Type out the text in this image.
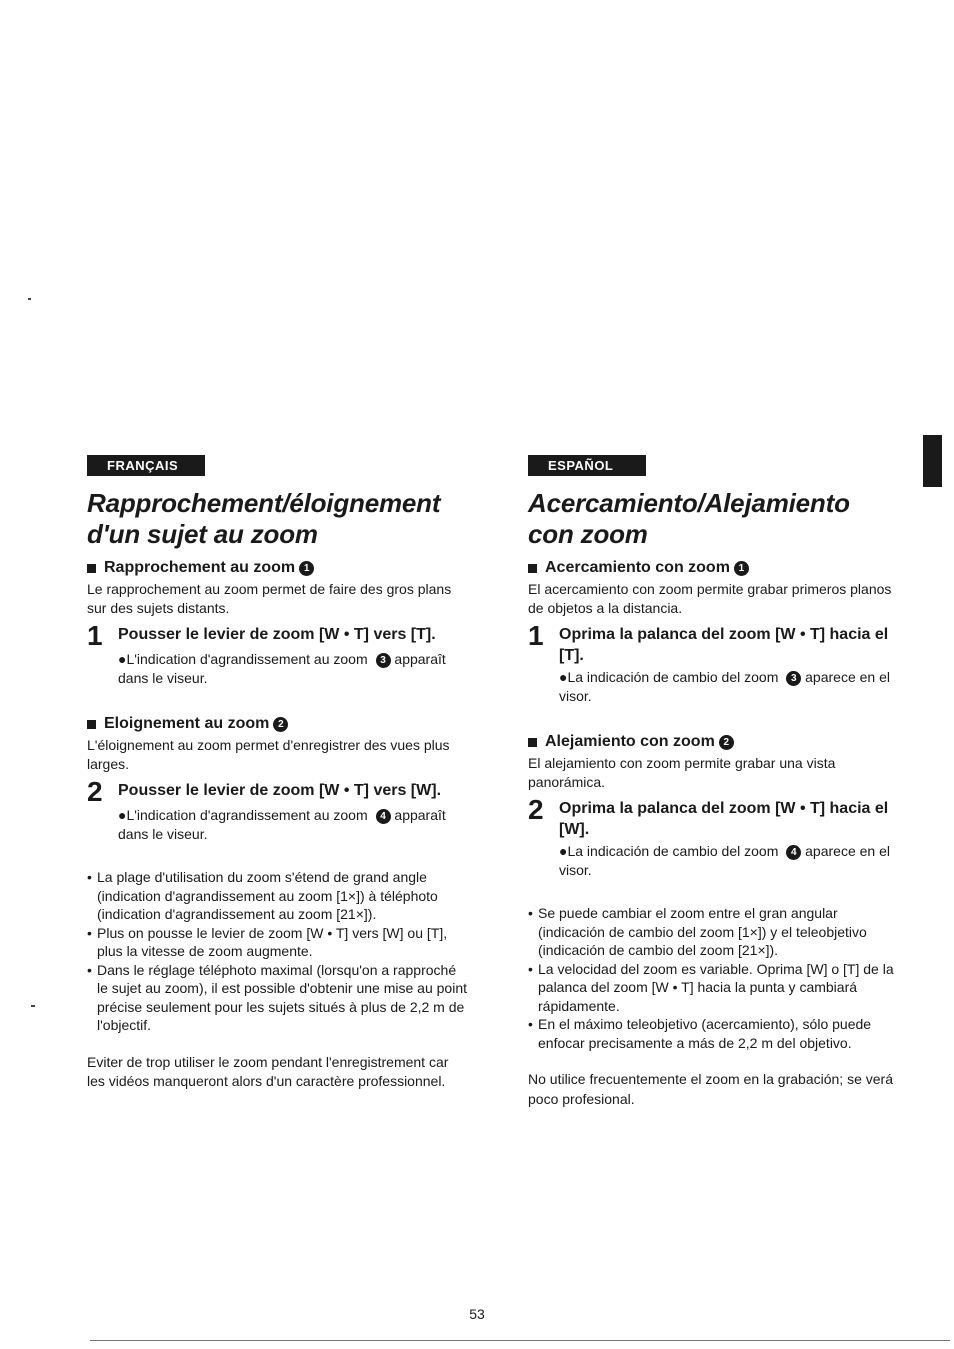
FRANÇAIS
Rapprochement/éloignement
d'un sujet au zoom
Rapprochement au zoom 1

Le rapprochement au zoom permet de faire des gros plans sur des sujets distants.

1 Pousser le levier de zoom [W • T] vers [T].
●L'indication d'agrandissement au zoom 3 apparaît dans le viseur.
Eloignement au zoom 2

L'éloignement au zoom permet d'enregistrer des vues plus larges.

2 Pousser le levier de zoom [W • T] vers [W].
●L'indication d'agrandissement au zoom 4 apparaît dans le viseur.
• La plage d'utilisation du zoom s'étend de grand angle (indication d'agrandissement au zoom [1×]) à téléphoto (indication d'agrandissement au zoom [21×]).
• Plus on pousse le levier de zoom [W • T] vers [W] ou [T], plus la vitesse de zoom augmente.
• Dans le réglage téléphoto maximal (lorsqu'on a rapproché le sujet au zoom), il est possible d'obtenir une mise au point précise seulement pour les sujets situés à plus de 2,2 m de l'objectif.

Eviter de trop utiliser le zoom pendant l'enregistrement car les vidéos manqueront alors d'un caractère professionnel.

ESPAÑOL
Acercamiento/Alejamiento
con zoom
Acercamiento con zoom 1

El acercamiento con zoom permite grabar primeros planos de objetos a la distancia.

1 Oprima la palanca del zoom [W • T] hacia el [T].
●La indicación de cambio del zoom 3 aparece en el visor.
Alejamiento con zoom 2

El alejamiento con zoom permite grabar una vista panorámica.

2 Oprima la palanca del zoom [W • T] hacia el [W].
●La indicación de cambio del zoom 4 aparece en el visor.
• Se puede cambiar el zoom entre el gran angular (indicación de cambio del zoom [1×]) y el teleobjetivo (indicación de cambio del zoom [21×]).
• La velocidad del zoom es variable. Oprima [W] o [T] de la palanca del zoom [W • T] hacia la punta y cambiará rápidamente.
• En el máximo teleobjetivo (acercamiento), sólo puede enfocar precisamente a más de 2,2 m del objetivo.

No utilice frecuentemente el zoom en la grabación; se verá poco profesional.

53
